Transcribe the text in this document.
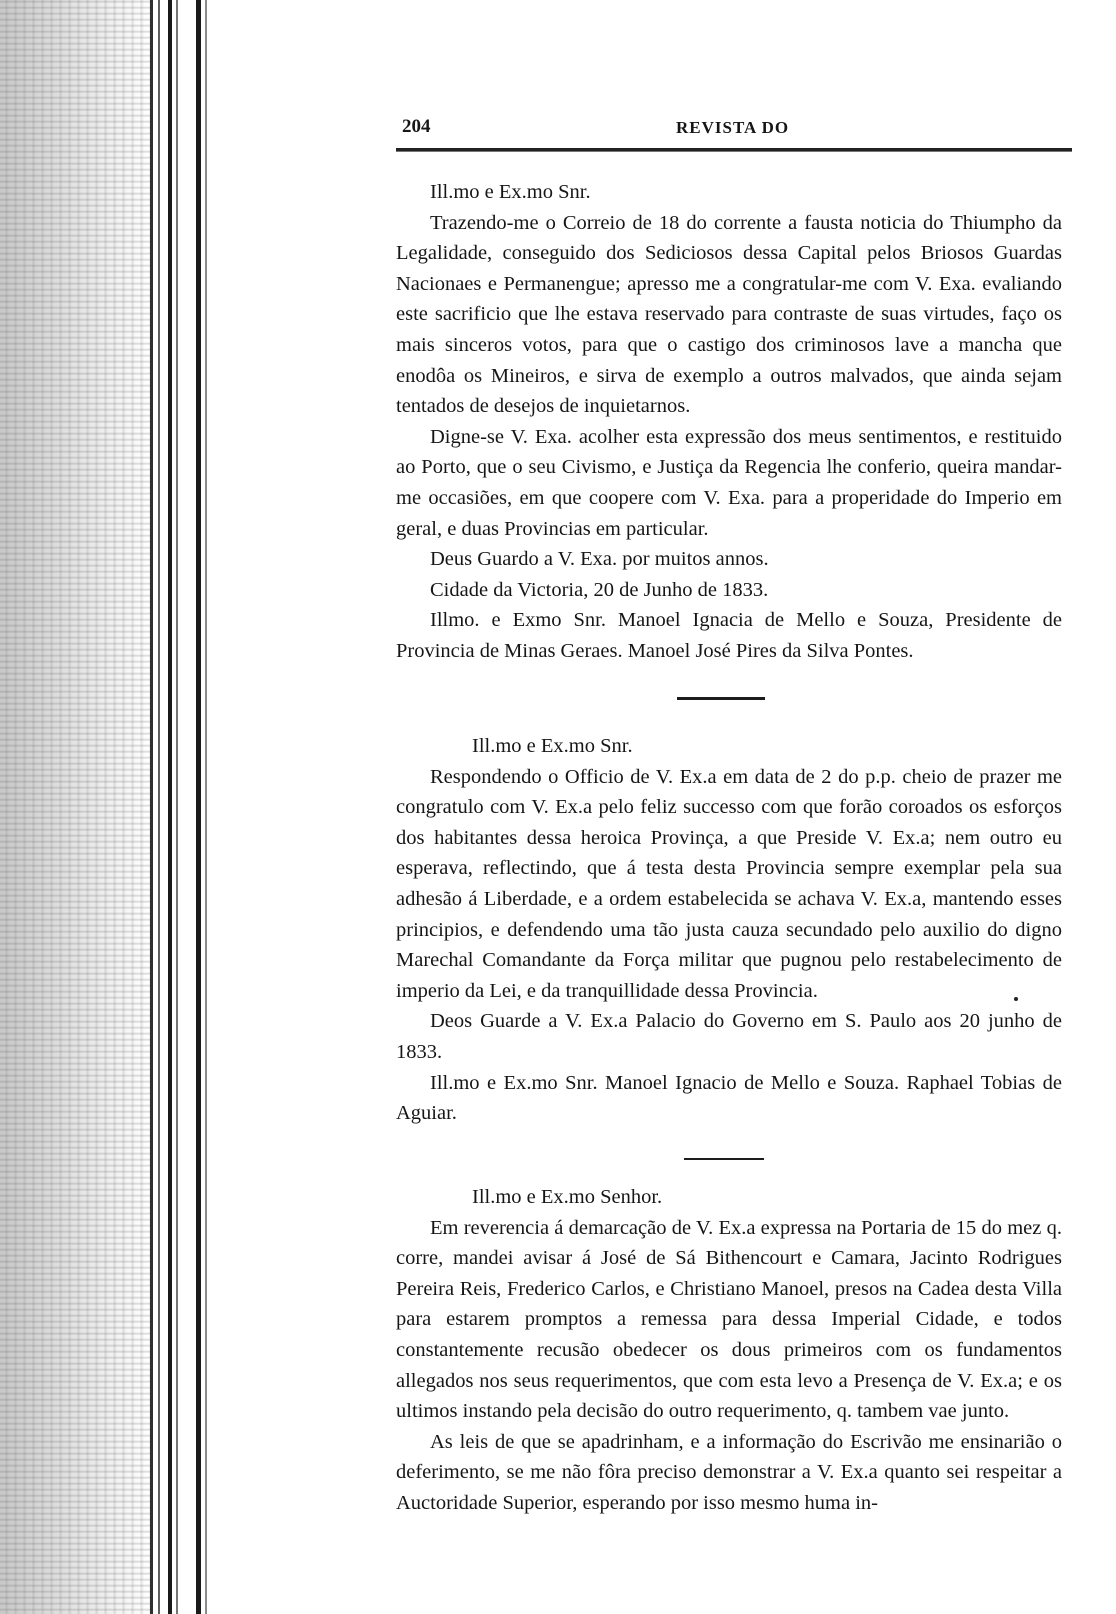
204	REVISTA DO

Ill.mo e Ex.mo Snr.

Trazendo-me o Correio de 18 do corrente a fausta noticia do Thiumpho da Legalidade, conseguido dos Sediciosos dessa Capital pelos Briosos Guardas Nacionaes e Permanengue; apresso me a congratular-me com V. Exa. evaliando este sacrificio que lhe estava reservado para contraste de suas virtudes, faço os mais sinceros votos, para que o castigo dos criminosos lave a mancha que enodôa os Mineiros, e sirva de exemplo a outros malvados, que ainda sejam tentados de desejos de inquietarnos.

Digne-se V. Exa. acolher esta expressão dos meus sentimentos, e restituido ao Porto, que o seu Civismo, e Justiça da Regencia lhe conferio, queira mandar-me occasiões, em que coopere com V. Exa. para a properidade do Imperio em geral, e duas Provincias em particular.

Deus Guardo a V. Exa. por muitos annos.

Cidade da Victoria, 20 de Junho de 1833.

Illmo. e Exmo Snr. Manoel Ignacia de Mello e Souza, Presidente de Provincia de Minas Geraes. Manoel José Pires da Silva Pontes.

Ill.mo e Ex.mo Snr.

Respondendo o Officio de V. Ex.a em data de 2 do p.p. cheio de prazer me congratulo com V. Ex.a pelo feliz successo com que forão coroados os esforços dos habitantes dessa heroica Provinça, a que Preside V. Ex.a; nem outro eu esperava, reflectindo, que á testa desta Provincia sempre exemplar pela sua adhesão á Liberdade, e a ordem estabelecida se achava V. Ex.a, mantendo esses principios, e defendendo uma tão justa cauza secundado pelo auxilio do digno Marechal Comandante da Força militar que pugnou pelo restabelecimento de imperio da Lei, e da tranquillidade dessa Provincia.

Deos Guarde a V. Ex.a Palacio do Governo em S. Paulo aos 20 junho de 1833.

Ill.mo e Ex.mo Snr. Manoel Ignacio de Mello e Souza. Raphael Tobias de Aguiar.

Ill.mo e Ex.mo Senhor.

Em reverencia á demarcação de V. Ex.a expressa na Portaria de 15 do mez q. corre, mandei avisar á José de Sá Bithencourt e Camara, Jacinto Rodrigues Pereira Reis, Frederico Carlos, e Christiano Manoel, presos na Cadea desta Villa para estarem promptos a remessa para dessa Imperial Cidade, e todos constantemente recusão obedecer os dous primeiros com os fundamentos allegados nos seus requerimentos, que com esta levo a Presença de V. Ex.a; e os ultimos instando pela decisão do outro requerimento, q. tambem vae junto.

As leis de que se apadrinham, e a informação do Escrivão me ensinarião o deferimento, se me não fôra preciso demonstrar a V. Ex.a quanto sei respeitar a Auctoridade Superior, esperando por isso mesmo huma in-
